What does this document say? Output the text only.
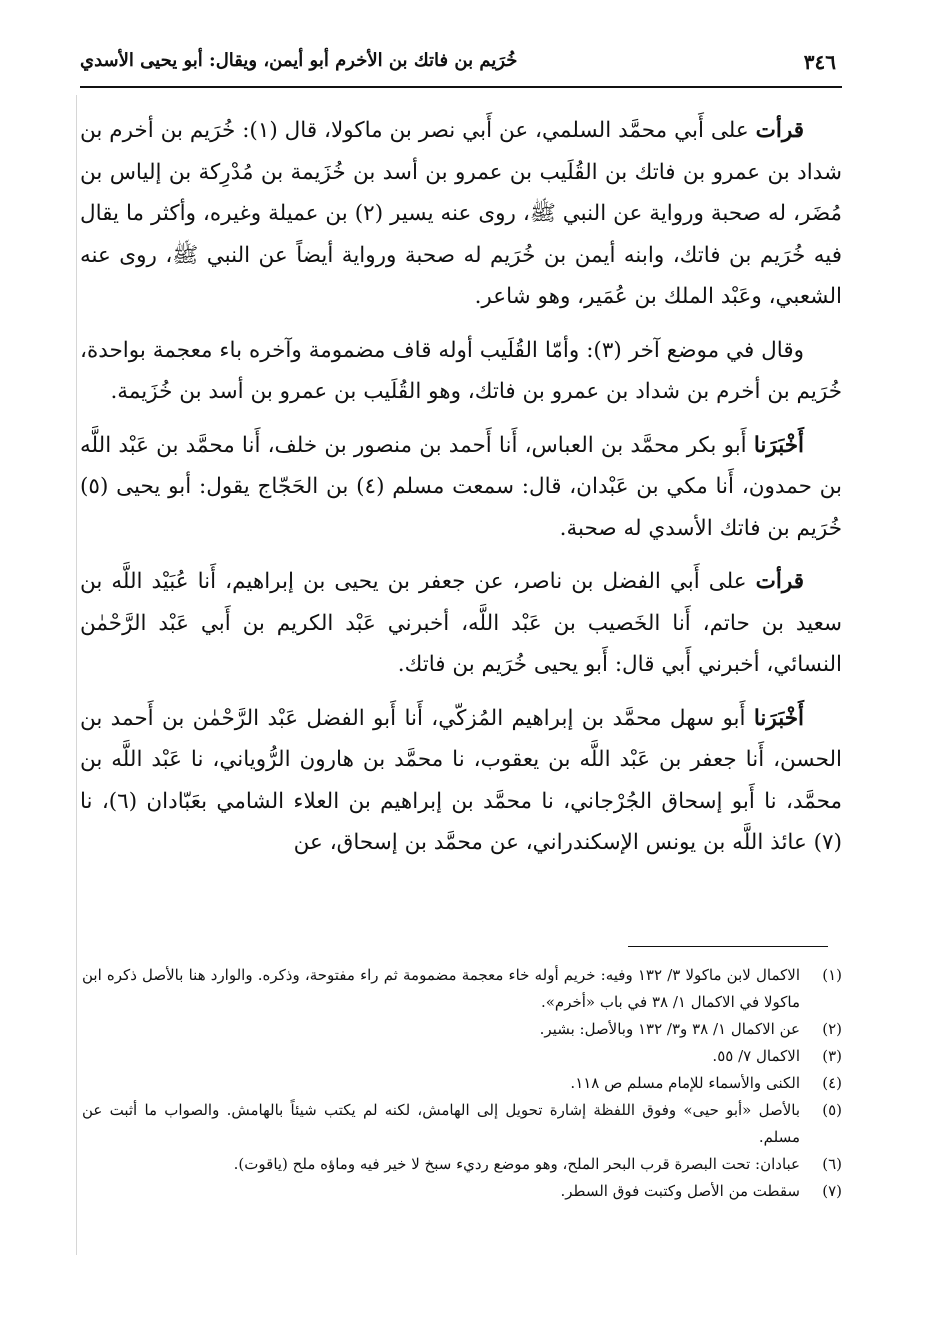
٣٤٦
خُرَيم بن فاتك بن الأخرم أبو أيمن، ويقال: أبو يحيى الأسدي

قرأت على أَبي محمَّد السلمي، عن أَبي نصر بن ماكولا، قال (١): خُرَيم بن أخرم بن شداد بن عمرو بن فاتك بن القُلَيب بن عمرو بن أسد بن خُزَيمة بن مُدْرِكة بن إلياس بن مُضَر، له صحبة ورواية عن النبي ﷺ، روى عنه يسير (٢) بن عميلة وغيره، وأكثر ما يقال فيه خُرَيم بن فاتك، وابنه أيمن بن خُرَيم له صحبة ورواية أيضاً عن النبي ﷺ، روى عنه الشعبي، وعَبْد الملك بن عُمَير، وهو شاعر.

وقال في موضع آخر (٣): وأمّا القُلَيب أوله قاف مضمومة وآخره باء معجمة بواحدة، خُرَيم بن أخرم بن شداد بن عمرو بن فاتك، وهو القُلَيب بن عمرو بن أسد بن خُزَيمة.

أَخْبَرَنا أَبو بكر محمَّد بن العباس، أَنا أَحمد بن منصور بن خلف، أَنا محمَّد بن عَبْد اللَّه بن حمدون، أَنا مكي بن عَبْدان، قال: سمعت مسلم (٤) بن الحَجّاج يقول: أبو يحيى (٥) خُرَيم بن فاتك الأسدي له صحبة.

قرأت على أَبي الفضل بن ناصر، عن جعفر بن يحيى بن إبراهيم، أَنا عُبَيْد اللَّه بن سعيد بن حاتم، أَنا الخَصيب بن عَبْد اللَّه، أخبرني عَبْد الكريم بن أَبي عَبْد الرَّحْمٰن النسائي، أخبرني أَبي قال: أَبو يحيى خُرَيم بن فاتك.

أَخْبَرَنا أَبو سهل محمَّد بن إبراهيم المُزكّي، أَنا أَبو الفضل عَبْد الرَّحْمٰن بن أَحمد بن الحسن، أَنا جعفر بن عَبْد اللَّه بن يعقوب، نا محمَّد بن هارون الرُّوياني، نا عَبْد اللَّه بن محمَّد، نا أَبو إسحاق الجُرْجاني، نا محمَّد بن إبراهيم بن العلاء الشامي بعَبّادان (٦)، نا (٧) عائذ اللَّه بن يونس الإسكندراني، عن محمَّد بن إسحاق، عن

(١)
الاكمال لابن ماكولا ٣/ ١٣٢ وفيه: خريم أوله خاء معجمة مضمومة ثم راء مفتوحة، وذكره. والوارد هنا بالأصل ذكره ابن ماكولا في الاكمال ١/ ٣٨ في باب «أخرم».
(٢)
عن الاكمال ١/ ٣٨ و٣/ ١٣٢ وبالأصل: بشير.
(٣)
الاكمال ٧/ ٥٥.
(٤)
الكنى والأسماء للإمام مسلم ص ١١٨.
(٥)
بالأصل «أبو حيى» وفوق اللفظة إشارة تحويل إلى الهامش، لكنه لم يكتب شيئاً بالهامش. والصواب ما أثبت عن مسلم.
(٦)
عبادان: تحت البصرة قرب البحر الملح، وهو موضع رديء سبخ لا خير فيه وماؤه ملح (ياقوت).
(٧)
سقطت من الأصل وكتبت فوق السطر.
